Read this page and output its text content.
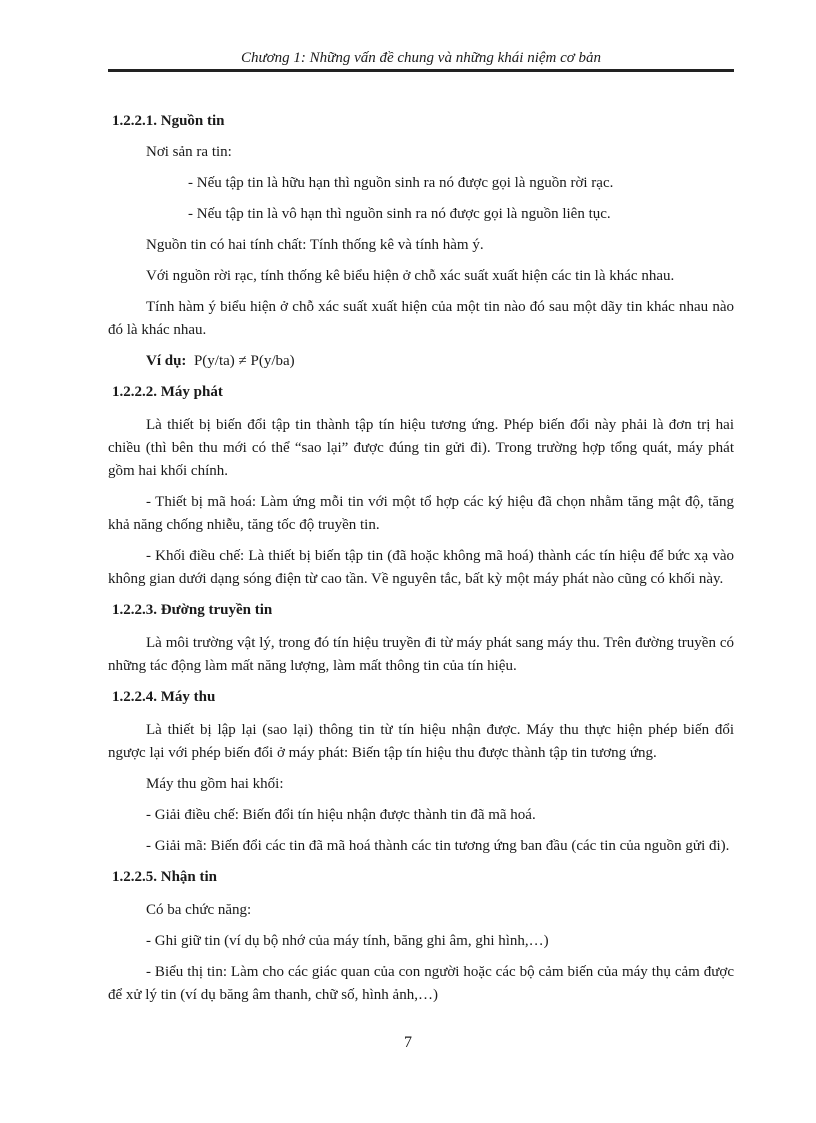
Chương 1: Những vấn đề chung và những khái niệm cơ bản

1.2.2.1. Nguồn tin

Nơi sản ra tin:

- Nếu tập tin là hữu hạn thì nguồn sinh ra nó được gọi là nguồn rời rạc.

- Nếu tập tin là vô hạn thì nguồn sinh ra nó được gọi là nguồn liên tục.

Nguồn tin có hai tính chất: Tính thống kê và tính hàm ý.

Với nguồn rời rạc, tính thống kê biểu hiện ở chỗ xác suất xuất hiện các tin là khác nhau.

Tính hàm ý biểu hiện ở chỗ xác suất xuất hiện của một tin nào đó sau một dãy tin khác nhau nào đó là khác nhau.

Ví dụ: P(y/ta) ≠ P(y/ba)

1.2.2.2. Máy phát

Là thiết bị biến đổi tập tin thành tập tín hiệu tương ứng. Phép biến đổi này phải là đơn trị hai chiều (thì bên thu mới có thể “sao lại” được đúng tin gửi đi). Trong trường hợp tổng quát, máy phát gồm hai khối chính.

- Thiết bị mã hoá: Làm ứng mỗi tin với một tổ hợp các ký hiệu đã chọn nhằm tăng mật độ, tăng khả năng chống nhiễu, tăng tốc độ truyền tin.

- Khối điều chế: Là thiết bị biến tập tin (đã hoặc không mã hoá) thành các tín hiệu để bức xạ vào không gian dưới dạng sóng điện từ cao tần. Về nguyên tắc, bất kỳ một máy phát nào cũng có khối này.

1.2.2.3. Đường truyền tin

Là môi trường vật lý, trong đó tín hiệu truyền đi từ máy phát sang máy thu. Trên đường truyền có những tác động làm mất năng lượng, làm mất thông tin của tín hiệu.

1.2.2.4. Máy thu

Là thiết bị lập lại (sao lại) thông tin từ tín hiệu nhận được. Máy thu thực hiện phép biến đổi ngược lại với phép biến đổi ở máy phát: Biến tập tín hiệu thu được thành tập tin tương ứng.

Máy thu gồm hai khối:

- Giải điều chế: Biến đổi tín hiệu nhận được thành tin đã mã hoá.

- Giải mã: Biến đổi các tin đã mã hoá thành các tin tương ứng ban đầu (các tin của nguồn gửi đi).

1.2.2.5. Nhận tin

Có ba chức năng:

- Ghi giữ tin (ví dụ bộ nhớ của máy tính, băng ghi âm, ghi hình,…)

- Biểu thị tin: Làm cho các giác quan của con người hoặc các bộ cảm biến của máy thụ cảm được để xử lý tin (ví dụ băng âm thanh, chữ số, hình ảnh,…)

7
